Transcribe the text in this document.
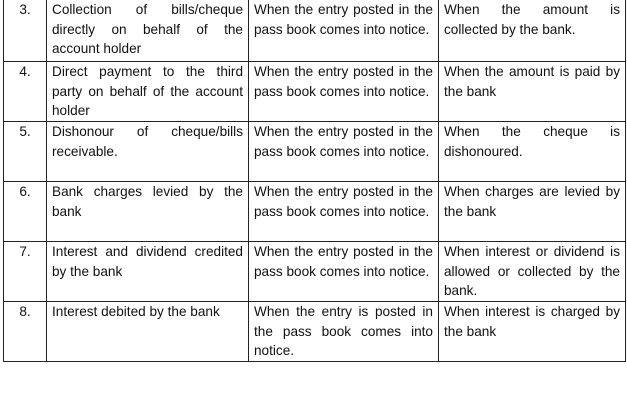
3.	Collection of bills/cheque directly on behalf of the account holder	When the entry posted in the pass book comes into notice.	When the amount is collected by the bank.
4.	Direct payment to the third party on behalf of the account holder	When the entry posted in the pass book comes into notice.	When the amount is paid by the bank
5.	Dishonour of cheque/bills receivable.	When the entry posted in the pass book comes into notice.	When the cheque is dishonoured.
6.	Bank charges levied by the bank	When the entry posted in the pass book comes into notice.	When charges are levied by the bank
7.	Interest and dividend credited by the bank	When the entry posted in the pass book comes into notice.	When interest or dividend is allowed or collected by the bank.
8.	Interest debited by the bank	When the entry is posted in the pass book comes into notice.	When interest is charged by the bank
